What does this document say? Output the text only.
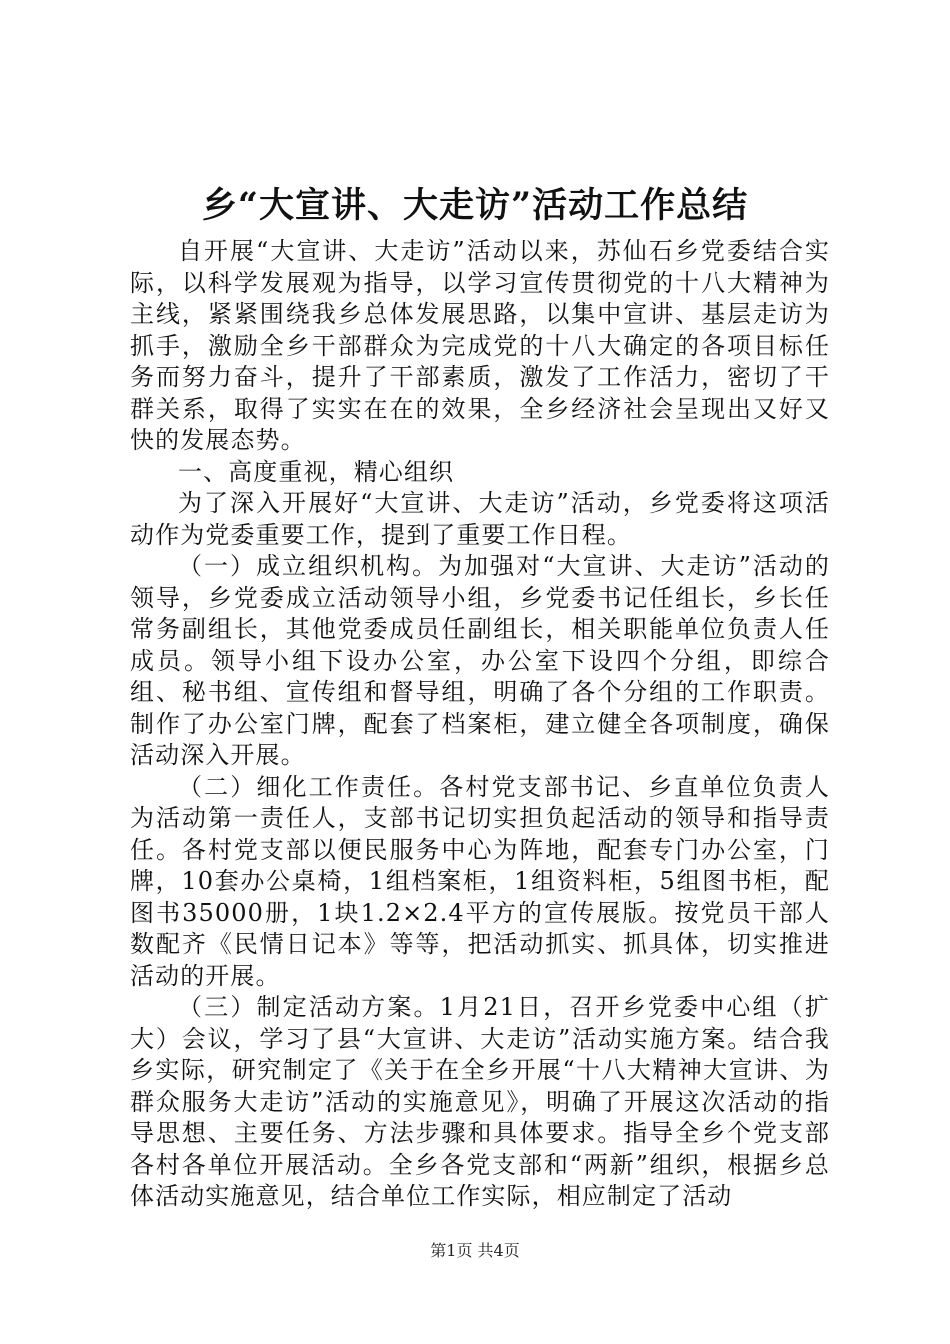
乡“大宣讲、大走访”活动工作总结

自开展“大宣讲、大走访”活动以来，苏仙石乡党委结合实际，以科学发展观为指导，以学习宣传贯彻党的十八大精神为主线，紧紧围绕我乡总体发展思路，以集中宣讲、基层走访为抓手，激励全乡干部群众为完成党的十八大确定的各项目标任务而努力奋斗，提升了干部素质，激发了工作活力，密切了干群关系，取得了实实在在的效果，全乡经济社会呈现出又好又快的发展态势。

一、高度重视，精心组织

为了深入开展好“大宣讲、大走访”活动，乡党委将这项活动作为党委重要工作，提到了重要工作日程。

（一）成立组织机构。为加强对“大宣讲、大走访”活动的领导，乡党委成立活动领导小组，乡党委书记任组长，乡长任常务副组长，其他党委成员任副组长，相关职能单位负责人任成员。领导小组下设办公室，办公室下设四个分组，即综合组、秘书组、宣传组和督导组，明确了各个分组的工作职责。制作了办公室门牌，配套了档案柜，建立健全各项制度，确保活动深入开展。

（二）细化工作责任。各村党支部书记、乡直单位负责人为活动第一责任人，支部书记切实担负起活动的领导和指导责任。各村党支部以便民服务中心为阵地，配套专门办公室，门牌，10套办公桌椅，1组档案柜，1组资料柜，5组图书柜，配图书35000册，1块1.2×2.4平方的宣传展版。按党员干部人数配齐《民情日记本》等等，把活动抓实、抓具体，切实推进活动的开展。

（三）制定活动方案。1月21日，召开乡党委中心组（扩大）会议，学习了县“大宣讲、大走访”活动实施方案。结合我乡实际，研究制定了《关于在全乡开展“十八大精神大宣讲、为群众服务大走访”活动的实施意见》，明确了开展这次活动的指导思想、主要任务、方法步骤和具体要求。指导全乡个党支部各村各单位开展活动。全乡各党支部和“两新”组织，根据乡总体活动实施意见，结合单位工作实际，相应制定了活动

第1页 共4页
